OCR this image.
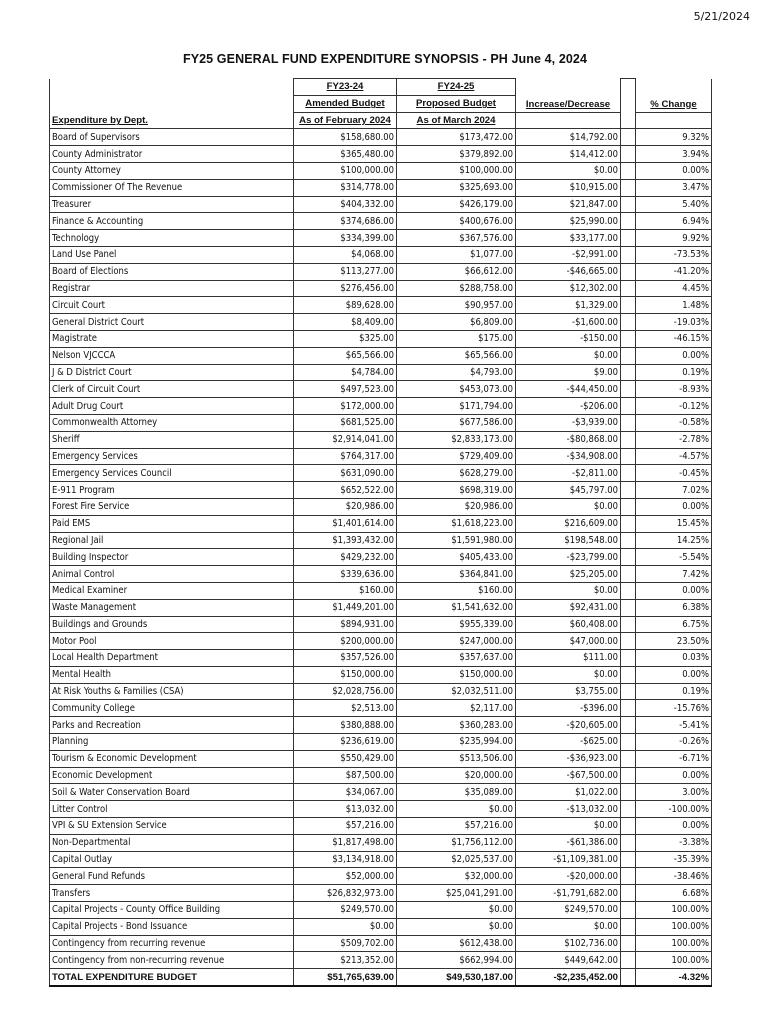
5/21/2024
FY25 GENERAL FUND EXPENDITURE SYNOPSIS - PH June 4, 2024
Expenditure by Dept.	FY23-24	FY24-25	Increase/Decrease		% Change
	Amended Budget	Proposed Budget			
	As of February 2024	As of March 2024			
Board of Supervisors	$158,680.00	$173,472.00	$14,792.00		9.32%
County Administrator	$365,480.00	$379,892.00	$14,412.00		3.94%
County Attorney	$100,000.00	$100,000.00	$0.00		0.00%
Commissioner Of The Revenue	$314,778.00	$325,693.00	$10,915.00		3.47%
Treasurer	$404,332.00	$426,179.00	$21,847.00		5.40%
Finance & Accounting	$374,686.00	$400,676.00	$25,990.00		6.94%
Technology	$334,399.00	$367,576.00	$33,177.00		9.92%
Land Use Panel	$4,068.00	$1,077.00	-$2,991.00		-73.53%
Board of Elections	$113,277.00	$66,612.00	-$46,665.00		-41.20%
Registrar	$276,456.00	$288,758.00	$12,302.00		4.45%
Circuit Court	$89,628.00	$90,957.00	$1,329.00		1.48%
General District Court	$8,409.00	$6,809.00	-$1,600.00		-19.03%
Magistrate	$325.00	$175.00	-$150.00		-46.15%
Nelson VJCCCA	$65,566.00	$65,566.00	$0.00		0.00%
J & D District Court	$4,784.00	$4,793.00	$9.00		0.19%
Clerk of Circuit Court	$497,523.00	$453,073.00	-$44,450.00		-8.93%
Adult Drug Court	$172,000.00	$171,794.00	-$206.00		-0.12%
Commonwealth Attorney	$681,525.00	$677,586.00	-$3,939.00		-0.58%
Sheriff	$2,914,041.00	$2,833,173.00	-$80,868.00		-2.78%
Emergency Services	$764,317.00	$729,409.00	-$34,908.00		-4.57%
Emergency Services Council	$631,090.00	$628,279.00	-$2,811.00		-0.45%
E-911 Program	$652,522.00	$698,319.00	$45,797.00		7.02%
Forest Fire Service	$20,986.00	$20,986.00	$0.00		0.00%
Paid EMS	$1,401,614.00	$1,618,223.00	$216,609.00		15.45%
Regional Jail	$1,393,432.00	$1,591,980.00	$198,548.00		14.25%
Building Inspector	$429,232.00	$405,433.00	-$23,799.00		-5.54%
Animal Control	$339,636.00	$364,841.00	$25,205.00		7.42%
Medical Examiner	$160.00	$160.00	$0.00		0.00%
Waste Management	$1,449,201.00	$1,541,632.00	$92,431.00		6.38%
Buildings and Grounds	$894,931.00	$955,339.00	$60,408.00		6.75%
Motor Pool	$200,000.00	$247,000.00	$47,000.00		23.50%
Local Health Department	$357,526.00	$357,637.00	$111.00		0.03%
Mental Health	$150,000.00	$150,000.00	$0.00		0.00%
At Risk Youths & Families (CSA)	$2,028,756.00	$2,032,511.00	$3,755.00		0.19%
Community College	$2,513.00	$2,117.00	-$396.00		-15.76%
Parks and Recreation	$380,888.00	$360,283.00	-$20,605.00		-5.41%
Planning	$236,619.00	$235,994.00	-$625.00		-0.26%
Tourism & Economic Development	$550,429.00	$513,506.00	-$36,923.00		-6.71%
Economic Development	$87,500.00	$20,000.00	-$67,500.00		0.00%
Soil & Water Conservation Board	$34,067.00	$35,089.00	$1,022.00		3.00%
Litter Control	$13,032.00	$0.00	-$13,032.00		-100.00%
VPI & SU Extension Service	$57,216.00	$57,216.00	$0.00		0.00%
Non-Departmental	$1,817,498.00	$1,756,112.00	-$61,386.00		-3.38%
Capital Outlay	$3,134,918.00	$2,025,537.00	-$1,109,381.00		-35.39%
General Fund Refunds	$52,000.00	$32,000.00	-$20,000.00		-38.46%
Transfers	$26,832,973.00	$25,041,291.00	-$1,791,682.00		6.68%
Capital Projects - County Office Building	$249,570.00	$0.00	$249,570.00		100.00%
Capital Projects - Bond Issuance	$0.00	$0.00	$0.00		100.00%
Contingency from recurring revenue	$509,702.00	$612,438.00	$102,736.00		100.00%
Contingency from non-recurring revenue	$213,352.00	$662,994.00	$449,642.00		100.00%
TOTAL EXPENDITURE BUDGET	$51,765,639.00	$49,530,187.00	-$2,235,452.00		-4.32%
